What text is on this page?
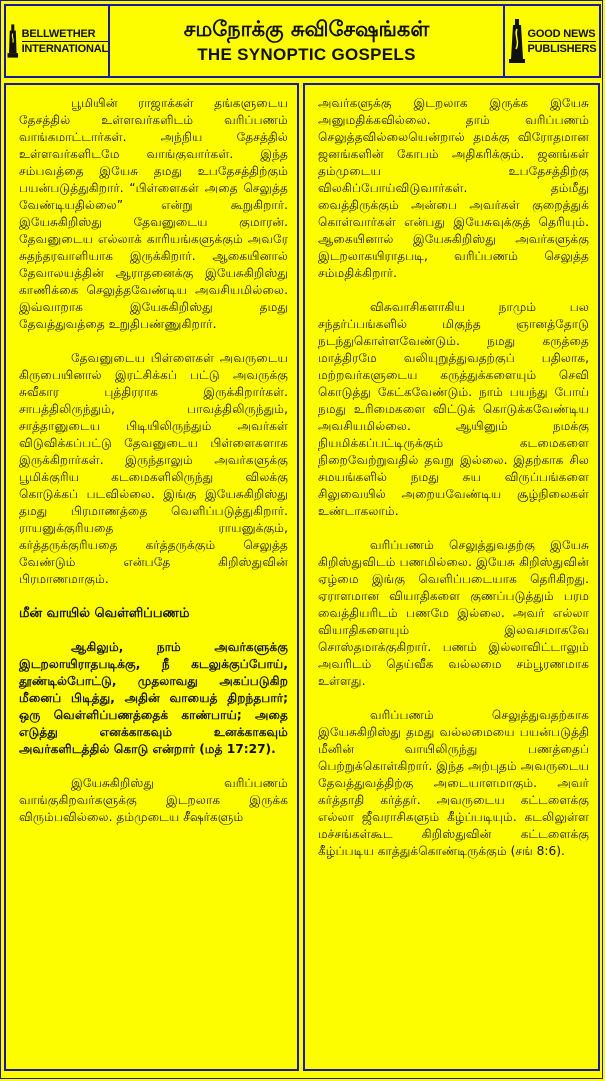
BELLWETHER
INTERNATIONAL
சமநோக்கு சுவிசேஷங்கள்
THE SYNOPTIC GOSPELS
GOOD NEWS
PUBLISHERS

பூமியின் ராஜாக்கள் தங்களுடைய தேசத்தில் உள்ளவர்களிடம் வரிப்பணம் வாங்கமாட்டார்கள். அந்நிய தேசத்தில் உள்ளவர்களிடமே வாங்குவார்கள். இந்த சம்பவத்தை இயேசு தமது உபதேசத்திற்கும் பயன்படுத்துகிறார். “பிள்ளைகள் அதை செலுத்த வேண்டியதில்லை” என்று கூறுகிறார். இயேசுகிறிஸ்து தேவனுடைய குமாரன். தேவனுடைய எல்லாக் காரியங்களுக்கும் அவரே சுதந்தரவாளியாக இருக்கிறார். ஆகையினால் தேவாலயத்தின் ஆராதனைக்கு இயேசுகிறிஸ்து காணிக்கை செலுத்தவேண்டிய அவசியமில்லை. இவ்வாறாக இயேசுகிறிஸ்து தமது தேவத்துவத்தை உறுதிபண்ணுகிறார்.

தேவனுடைய பிள்ளைகள் அவருடைய கிருபையினால் இரட்சிக்கப் பட்டு அவருக்கு சுவீகார புத்திரராக இருக்கிறார்கள். சாபத்திலிருந்தும், பாவத்திலிருந்தும், சாத்தானுடைய பிடியிலிருந்தும் அவர்கள் விடுவிக்கப்பட்டு தேவனுடைய பிள்ளைகளாக இருக்கிறார்கள். இருந்தாலும் அவர்களுக்கு பூமிக்குரிய கடமைகளிலிருந்து விலக்கு கொடுக்கப் படவில்லை. இங்கு இயேசுகிறிஸ்து தமது பிரமாணத்தை வெளிப்படுத்துகிறார். ராயனுக்குரியதை ராயனுக்கும், கர்த்தருக்குரியதை கர்த்தருக்கும் செலுத்த வேண்டும் என்பதே கிறிஸ்துவின் பிரமாணமாகும்.

மீன் வாயில் வெள்ளிப்பணம்

ஆகிலும், நாம் அவர்களுக்கு இடறலாயிராதபடிக்கு, நீ கடலுக்குப்போய், தூண்டில்போட்டு, முதலாவது அகப்படுகிற மீனைப் பிடித்து, அதின் வாயைத் திறந்தபார்; ஒரு வெள்ளிப்பணத்தைக் காண்பாய்; அதை எடுத்து எனக்காகவும் உனக்காகவும் அவர்களிடத்தில் கொடு என்றார் (மத் 17:27).

இயேசுகிறிஸ்து வரிப்பணம் வாங்குகிறவர்களுக்கு இடறலாக இருக்க விரும்பவில்லை. தம்முடைய சீஷர்களும்

அவர்களுக்கு இடறலாக இருக்க இயேசு அனுமதிக்கவில்லை. தாம் வரிப்பணம் செலுத்தவில்லையென்றால் தமக்கு விரோதமான ஜனங்களின் கோபம் அதிகரிக்கும். ஜனங்கள் தம்முடைய உபதேசத்திற்கு விலகிப்போய்விடுவார்கள். தம்மீது வைத்திருக்கும் அன்பை அவர்கள் குறைத்துக் கொள்வார்கள் என்பது இயேசுவுக்குத் தெரியும். ஆகையினால் இயேசுகிறிஸ்து அவர்களுக்கு இடறலாகயிராதபடி, வரிப்பணம் செலுத்த சம்மதிக்கிறார்.

விசுவாசிகளாகிய நாமும் பல சந்தர்ப்பங்களில் மிகுந்த ஞானத்தோடு நடந்துகொள்ளவேண்டும். நமது கருத்தை மாத்திரமே வலியுறுத்துவதற்குப் பதிலாக, மற்றவர்களுடைய கருத்துக்களையும் செவி கொடுத்து கேட்கவேண்டும். நாம் பயந்து போய் நமது உரிமைகளை விட்டுக் கொடுக்கவேண்டிய அவசியமில்லை. ஆயினும் நமக்கு நியமிக்கப்பட்டிருக்கும் கடமைகளை நிறைவேற்றுவதில் தவறு இல்லை. இதற்காக சில சமயங்களில் நமது சுய விருப்பங்களை சிலுவையில் அறையவேண்டிய சூழ்நிலைகள் உண்டாகலாம்.

வரிப்பணம் செலுத்துவதற்கு இயேசு கிறிஸ்துவிடம் பணமில்லை. இயேசு கிறிஸ்துவின் ஏழ்மை இங்கு வெளிப்படையாக தெரிகிறது. ஏராளமான வியாதிகளை குணப்படுத்தும் பரம வைத்தியரிடம் பணமே இல்லை. அவர் எல்லா வியாதிகளையும் இலவசமாகவே சொஸ்தமாக்குகிறார். பணம் இல்லாவிட்டாலும் அவரிடம் தெய்வீக வல்லமை சம்பூரணமாக உள்ளது.

வரிப்பணம் செலுத்துவதற்காக இயேசுகிறிஸ்து தமது வல்லமையை பயன்படுத்தி மீனின் வாயிலிருந்து பணத்தைப் பெற்றுக்கொள்கிறார். இந்த அற்புதம் அவருடைய தேவத்துவத்திற்கு அடையாளமாகும். அவர் கர்த்தாதி கர்த்தர். அவருடைய கட்டளைக்கு எல்லா ஜீவராசிகளும் கீழ்ப்படியும். கடலிலுள்ள மச்சங்கள்கூட கிறிஸ்துவின் கட்டளைக்கு கீழ்ப்படிய காத்துக்கொண்டிருக்கும் (சங் 8:6).
